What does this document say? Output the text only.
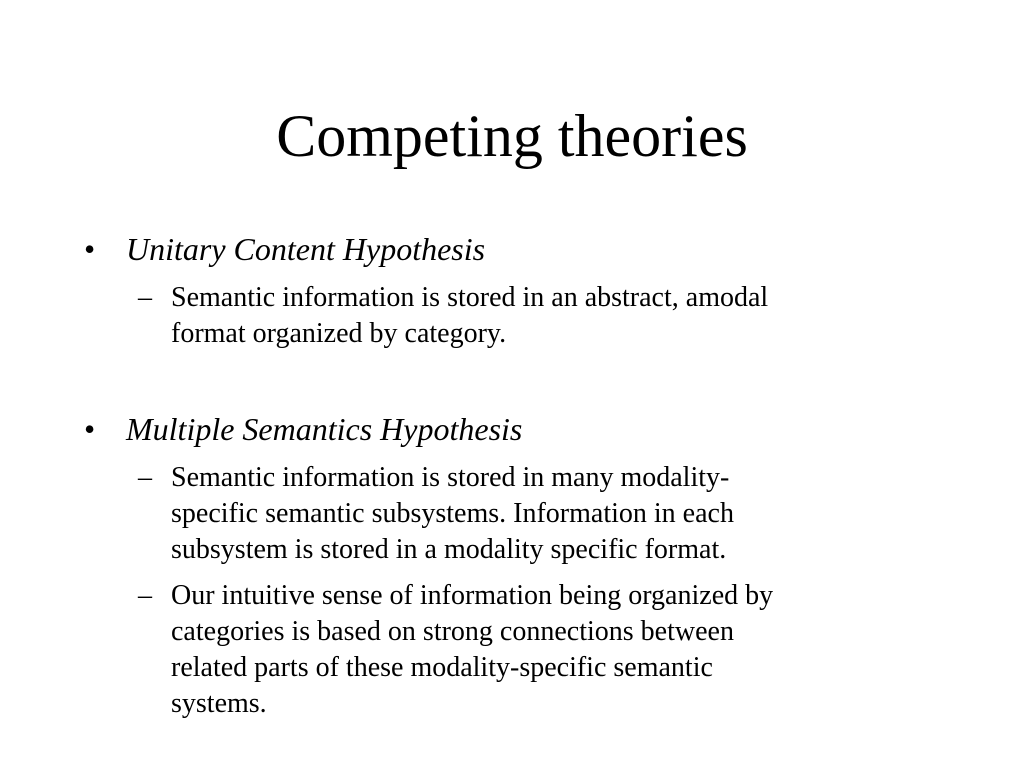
Competing theories
• Unitary Content Hypothesis
– Semantic information is stored in an abstract, amodal
format organized by category.
• Multiple Semantics Hypothesis
– Semantic information is stored in many modality-
specific semantic subsystems. Information in each
subsystem is stored in a modality specific format.
– Our intuitive sense of information being organized by
categories is based on strong connections between
related parts of these modality-specific semantic
systems.
